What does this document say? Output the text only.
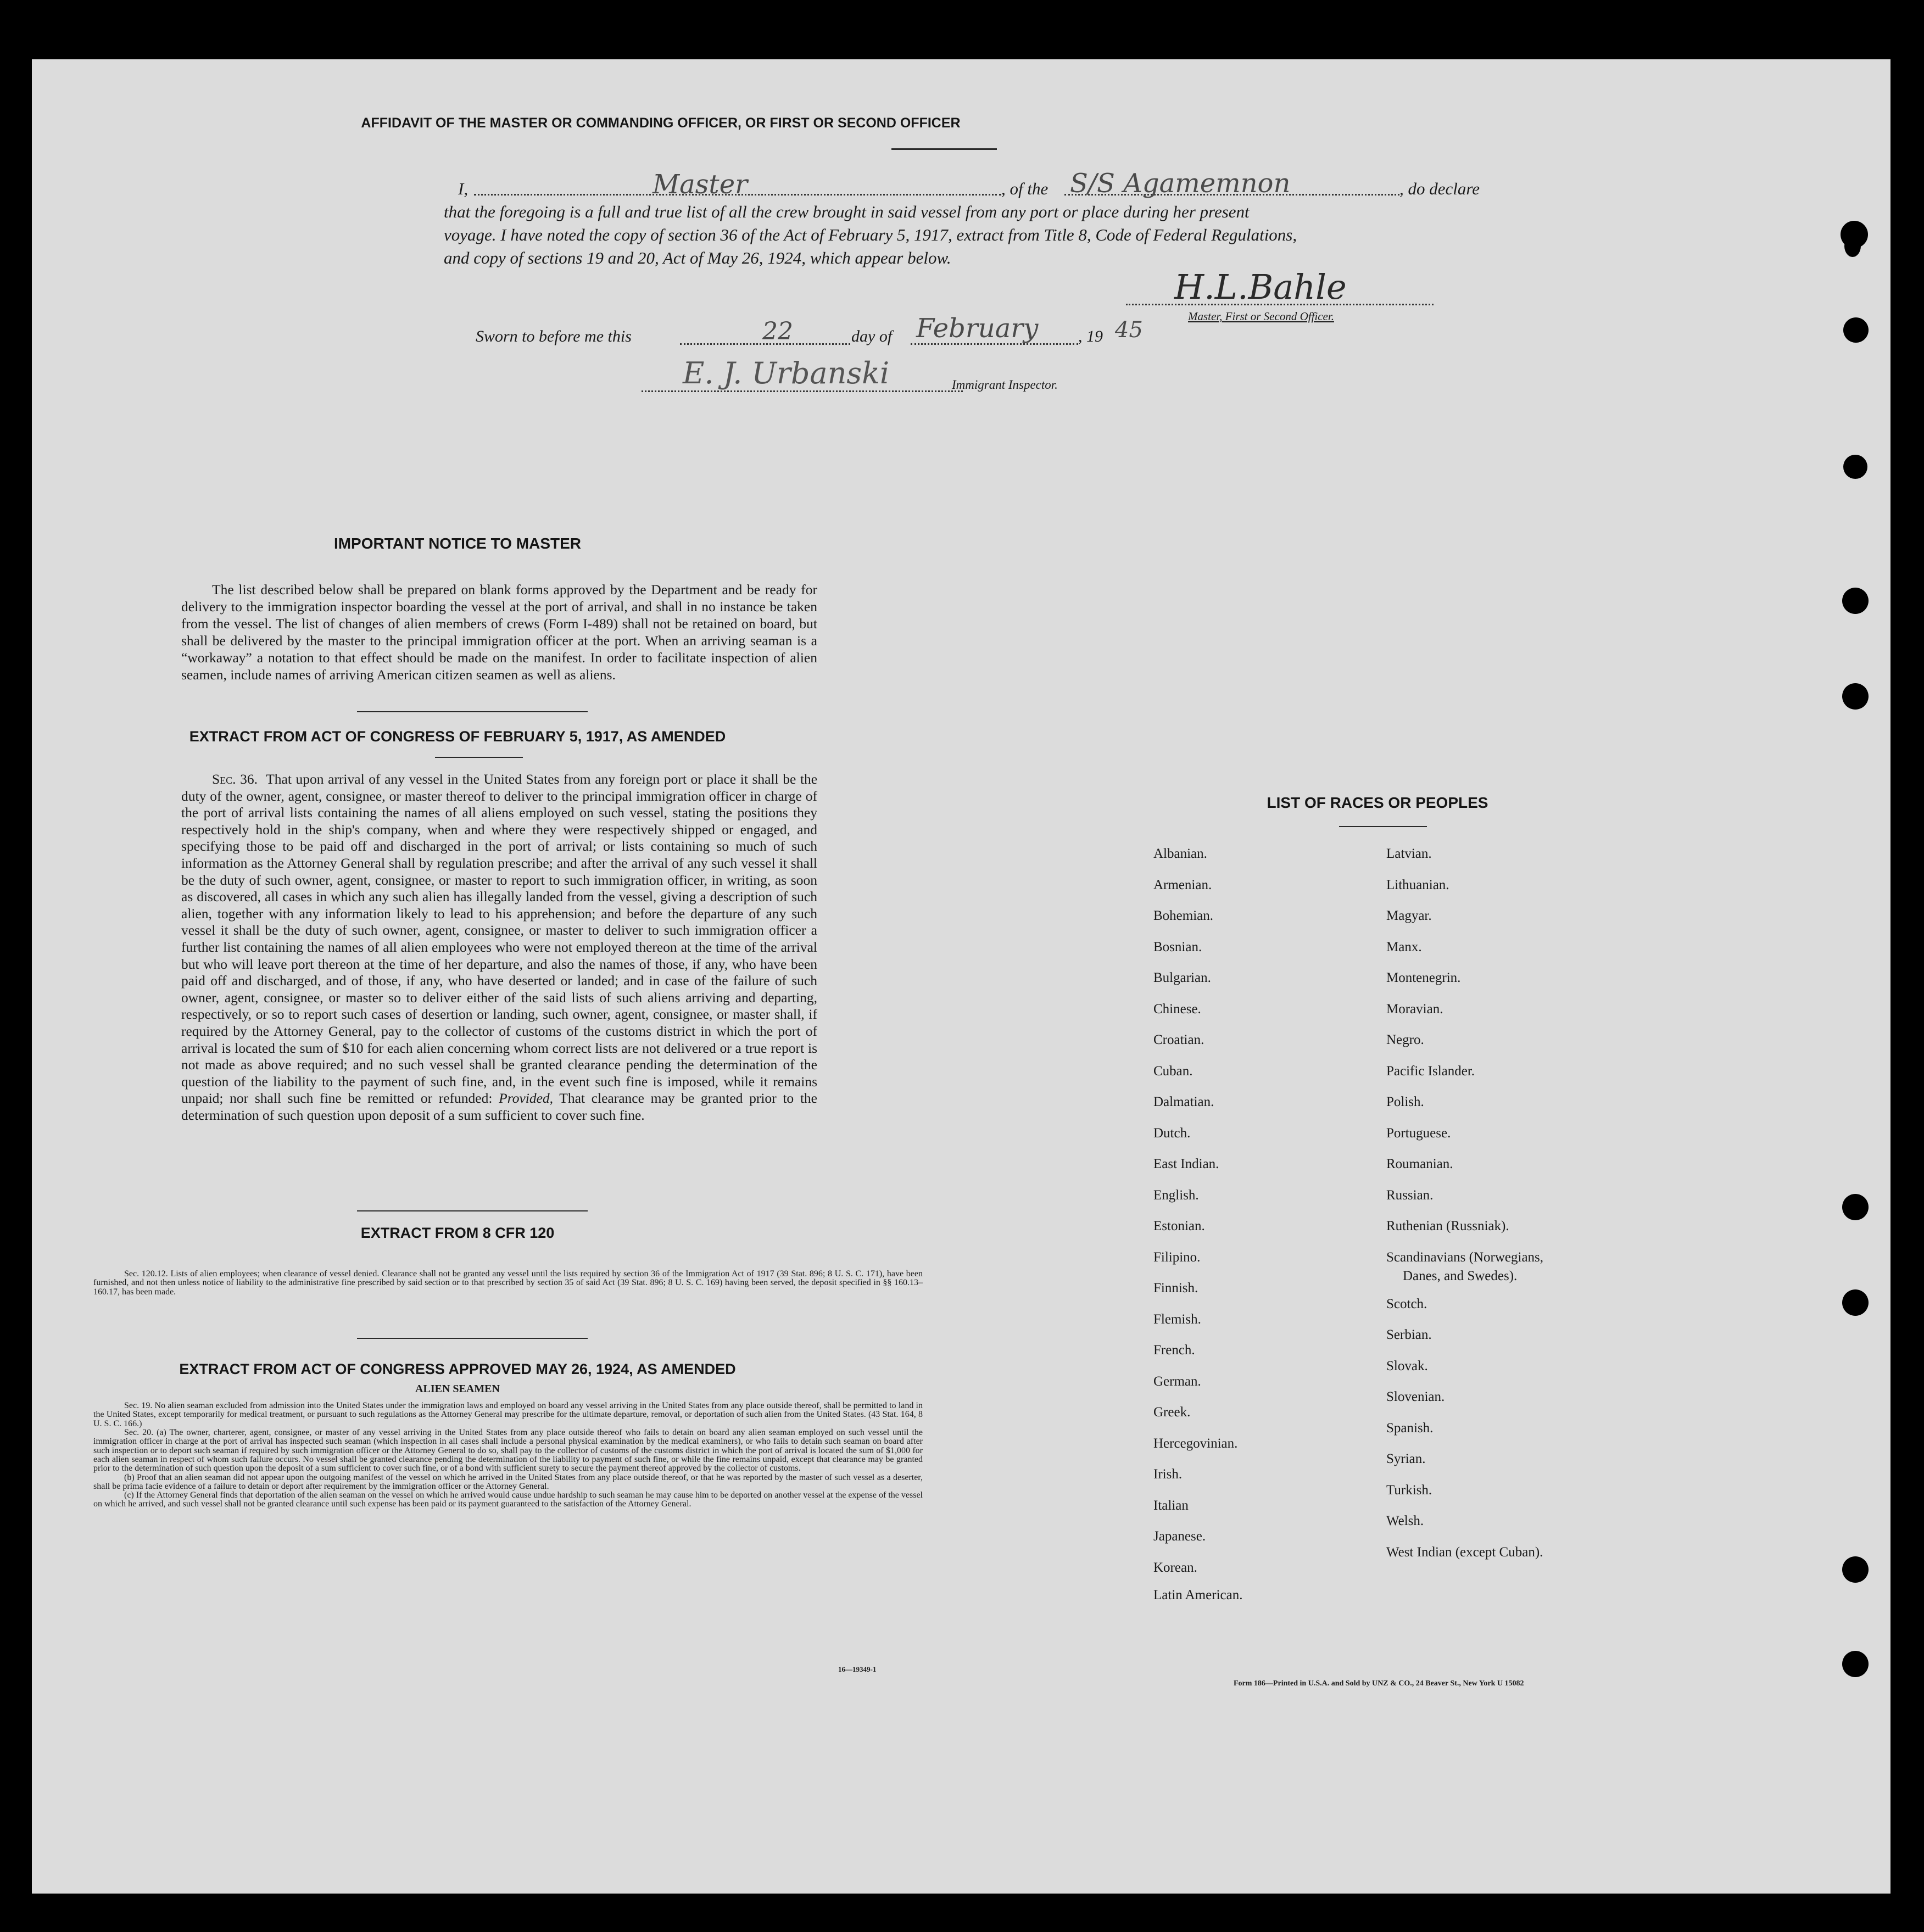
AFFIDAVIT OF THE MASTER OR COMMANDING OFFICER, OR FIRST OR SECOND OFFICER
I,	Master	, of the S/S Agamemnon	, do declare
that the foregoing is a full and true list of all the crew brought in said vessel from any port or place during her present
voyage. I have noted the copy of section 36 of the Act of February 5, 1917, extract from Title 8, Code of Federal Regulations,
and copy of sections 19 and 20, Act of May 26, 1924, which appear below.
H.L.Bahle
Master, First or Second Officer.
Sworn to before me this	22	day of February , 19 45
E. J. Urbanski	Immigrant Inspector.
IMPORTANT NOTICE TO MASTER
The list described below shall be prepared on blank forms approved by the Department and be ready for delivery to the immigration inspector boarding the vessel at the port of arrival, and shall in no instance be taken from the vessel. The list of changes of alien members of crews (Form I-489) shall not be retained on board, but shall be delivered by the master to the principal immigration officer at the port. When an arriving seaman is a “workaway” a notation to that effect should be made on the manifest. In order to facilitate inspection of alien seamen, include names of arriving American citizen seamen as well as aliens.
EXTRACT FROM ACT OF CONGRESS OF FEBRUARY 5, 1917, AS AMENDED
Sec. 36. That upon arrival of any vessel in the United States from any foreign port or place it shall be the duty of the owner, agent, consignee, or master thereof to deliver to the principal immigration officer in charge of the port of arrival lists containing the names of all aliens employed on such vessel, stating the positions they respectively hold in the ship's company, when and where they were respectively shipped or engaged, and specifying those to be paid off and discharged in the port of arrival; or lists containing so much of such information as the Attorney General shall by regulation prescribe; and after the arrival of any such vessel it shall be the duty of such owner, agent, consignee, or master to report to such immigration officer, in writing, as soon as discovered, all cases in which any such alien has illegally landed from the vessel, giving a description of such alien, together with any information likely to lead to his apprehension; and before the departure of any such vessel it shall be the duty of such owner, agent, consignee, or master to deliver to such immigration officer a further list containing the names of all alien employees who were not employed thereon at the time of the arrival but who will leave port thereon at the time of her departure, and also the names of those, if any, who have been paid off and discharged, and of those, if any, who have deserted or landed; and in case of the failure of such owner, agent, consignee, or master so to deliver either of the said lists of such aliens arriving and departing, respectively, or so to report such cases of desertion or landing, such owner, agent, consignee, or master shall, if required by the Attorney General, pay to the collector of customs of the customs district in which the port of arrival is located the sum of $10 for each alien concerning whom correct lists are not delivered or a true report is not made as above required; and no such vessel shall be granted clearance pending the determination of the question of the liability to the payment of such fine, and, in the event such fine is imposed, while it remains unpaid; nor shall such fine be remitted or refunded: Provided, That clearance may be granted prior to the determination of such question upon deposit of a sum sufficient to cover such fine.
EXTRACT FROM 8 CFR 120
Sec. 120.12. Lists of alien employees; when clearance of vessel denied. Clearance shall not be granted any vessel until the lists required by section 36 of the Immigration Act of 1917 (39 Stat. 896; 8 U. S. C. 171), have been furnished, and not then unless notice of liability to the administrative fine prescribed by said section or to that prescribed by section 35 of said Act (39 Stat. 896; 8 U. S. C. 169) having been served, the deposit specified in §§ 160.13–160.17, has been made.
EXTRACT FROM ACT OF CONGRESS APPROVED MAY 26, 1924, AS AMENDED
ALIEN SEAMEN
Sec. 19. No alien seaman excluded from admission into the United States under the immigration laws and employed on board any vessel arriving in the United States from any place outside thereof, shall be permitted to land in the United States, except temporarily for medical treatment, or pursuant to such regulations as the Attorney General may prescribe for the ultimate departure, removal, or deportation of such alien from the United States. (43 Stat. 164, 8 U. S. C. 166.)
Sec. 20. (a) The owner, charterer, agent, consignee, or master of any vessel arriving in the United States from any place outside thereof who fails to detain on board any alien seaman employed on such vessel until the immigration officer in charge at the port of arrival has inspected such seaman (which inspection in all cases shall include a personal physical examination by the medical examiners), or who fails to detain such seaman on board after such inspection or to deport such seaman if required by such immigration officer or the Attorney General to do so, shall pay to the collector of customs of the customs district in which the port of arrival is located the sum of $1,000 for each alien seaman in respect of whom such failure occurs. No vessel shall be granted clearance pending the determination of the liability to payment of such fine, or while the fine remains unpaid, except that clearance may be granted prior to the determination of such question upon the deposit of a sum sufficient to cover such fine, or of a bond with sufficient surety to secure the payment thereof approved by the collector of customs.
(b) Proof that an alien seaman did not appear upon the outgoing manifest of the vessel on which he arrived in the United States from any place outside thereof, or that he was reported by the master of such vessel as a deserter, shall be prima facie evidence of a failure to detain or deport after requirement by the immigration officer or the Attorney General.
(c) If the Attorney General finds that deportation of the alien seaman on the vessel on which he arrived would cause undue hardship to such seaman he may cause him to be deported on another vessel at the expense of the vessel on which he arrived, and such vessel shall not be granted clearance until such expense has been paid or its payment guaranteed to the satisfaction of the Attorney General.
16—19349-1
LIST OF RACES OR PEOPLES
Form 186—Printed in U.S.A. and Sold by UNZ & CO., 24 Beaver St., New York U 15082
Albanian.
Armenian.
Bohemian.
Bosnian.
Bulgarian.
Chinese.
Croatian.
Cuban.
Dalmatian.
Dutch.
East Indian.
English.
Estonian.
Filipino.
Finnish.
Flemish.
French.
German.
Greek.
Hercegovinian.
Irish.
Italian
Japanese.
Korean.
Latin American.
Latvian.
Lithuanian.
Magyar.
Manx.
Montenegrin.
Moravian.
Negro.
Pacific Islander.
Polish.
Portuguese.
Roumanian.
Russian.
Ruthenian (Russniak).
Scandinavians (Norwegians,
Danes, and Swedes).
Scotch.
Serbian.
Slovak.
Slovenian.
Spanish.
Syrian.
Turkish.
Welsh.
West Indian (except Cuban).
